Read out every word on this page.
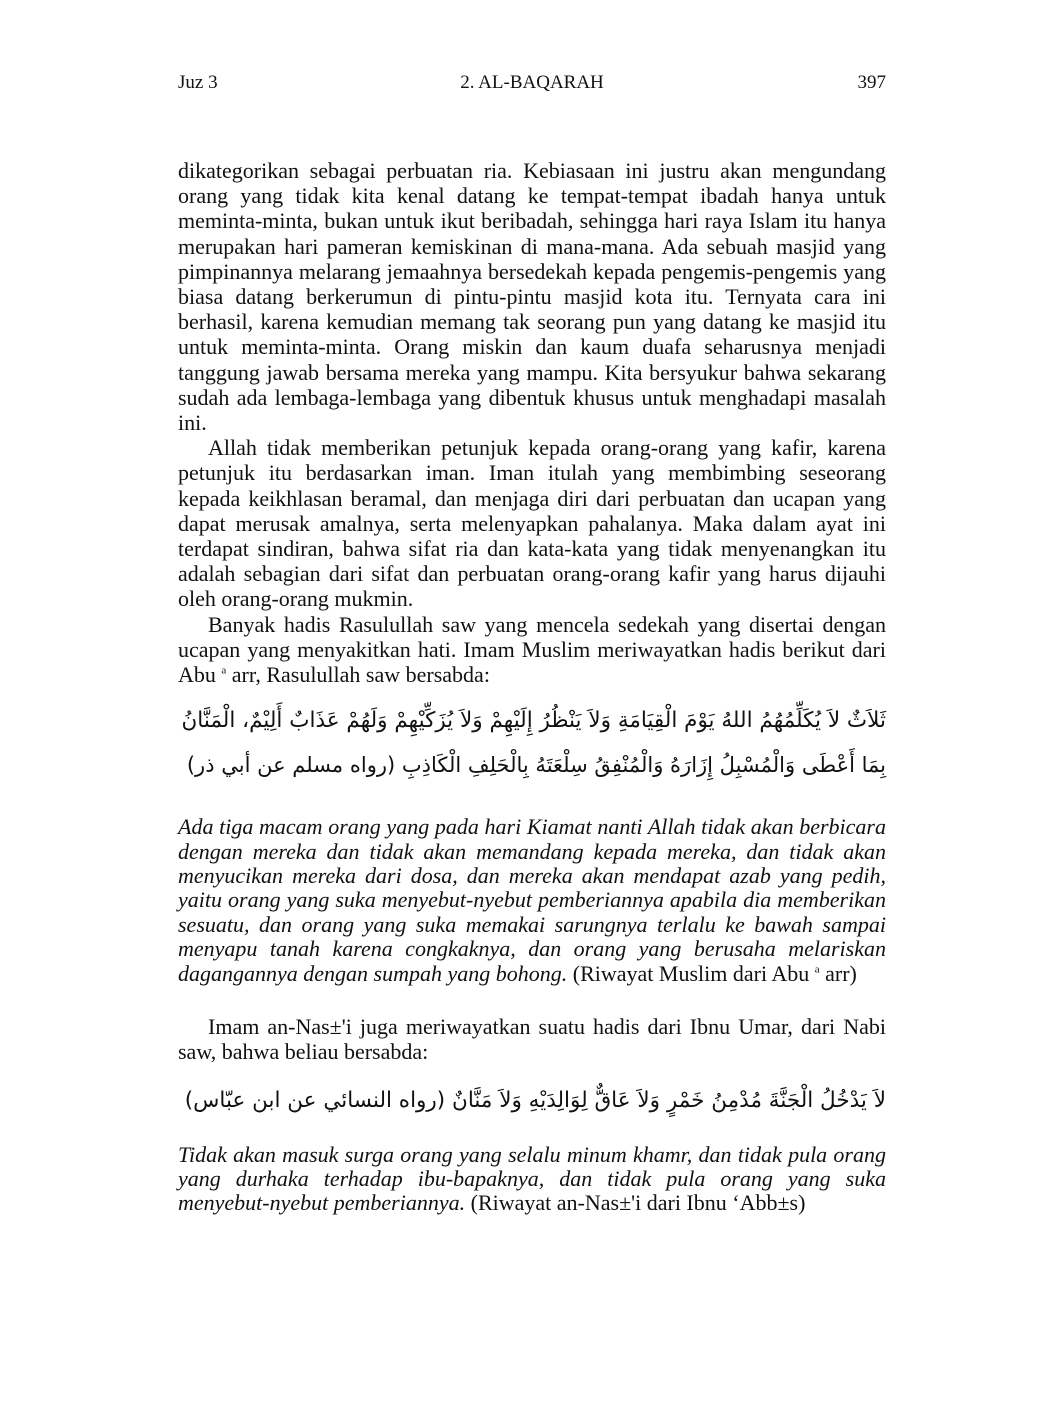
Juz 3	2. AL-BAQARAH	397

dikategorikan sebagai perbuatan ria. Kebiasaan ini justru akan mengundang orang yang tidak kita kenal datang ke tempat-tempat ibadah hanya untuk meminta-minta, bukan untuk ikut beribadah, sehingga hari raya Islam itu hanya merupakan hari pameran kemiskinan di mana-mana. Ada sebuah masjid yang pimpinannya melarang jemaahnya bersedekah kepada pengemis-pengemis yang biasa datang berkerumun di pintu-pintu masjid kota itu. Ternyata cara ini berhasil, karena kemudian memang tak seorang pun yang datang ke masjid itu untuk meminta-minta. Orang miskin dan kaum duafa seharusnya menjadi tanggung jawab bersama mereka yang mampu. Kita bersyukur bahwa sekarang sudah ada lembaga-lembaga yang dibentuk khusus untuk menghadapi masalah ini.

Allah tidak memberikan petunjuk kepada orang-orang yang kafir, karena petunjuk itu berdasarkan iman. Iman itulah yang membimbing seseorang kepada keikhlasan beramal, dan menjaga diri dari perbuatan dan ucapan yang dapat merusak amalnya, serta melenyapkan pahalanya. Maka dalam ayat ini terdapat sindiran, bahwa sifat ria dan kata-kata yang tidak menyenangkan itu adalah sebagian dari sifat dan perbuatan orang-orang kafir yang harus dijauhi oleh orang-orang mukmin.

Banyak hadis Rasulullah saw yang mencela sedekah yang disertai dengan ucapan yang menyakitkan hati. Imam Muslim meriwayatkan hadis berikut dari Abu $^a$ arr, Rasulullah saw bersabda:

ثَلاَثٌ لاَ يُكَلِّمُهُمُ اللهُ يَوْمَ الْقِيَامَةِ وَلاَ يَنْظُرُ إِلَيْهِمْ وَلاَ يُزَكِّيْهِمْ وَلَهُمْ عَذَابٌ أَلِيْمٌ، الْمَنَّانُ
بِمَا أَعْطَى وَالْمُسْبِلُ إِزَارَهُ وَالْمُنْفِقُ سِلْعَتَهُ بِالْحَلِفِ الْكَاذِبِ (رواه مسلم عن أبي ذر)

Ada tiga macam orang yang pada hari Kiamat nanti Allah tidak akan berbicara dengan mereka dan tidak akan memandang kepada mereka, dan tidak akan menyucikan mereka dari dosa, dan mereka akan mendapat azab yang pedih, yaitu orang yang suka menyebut-nyebut pemberiannya apabila dia memberikan sesuatu, dan orang yang suka memakai sarungnya terlalu ke bawah sampai menyapu tanah karena congkaknya, dan orang yang berusaha melariskan dagangannya dengan sumpah yang bohong. (Riwayat Muslim dari Abu $^a$ arr)

Imam an-Nas±'i juga meriwayatkan suatu hadis dari Ibnu Umar, dari Nabi saw, bahwa beliau bersabda:

لاَ يَدْخُلُ الْجَنَّةَ مُدْمِنُ خَمْرٍ وَلاَ عَاقٌّ لِوَالِدَيْهِ وَلاَ مَنَّانٌ (رواه النسائي عن ابن عبّاس)

Tidak akan masuk surga orang yang selalu minum khamr, dan tidak pula orang yang durhaka terhadap ibu-bapaknya, dan tidak pula orang yang suka menyebut-nyebut pemberiannya. (Riwayat an-Nas±'i dari Ibnu ‘Abb±s)
